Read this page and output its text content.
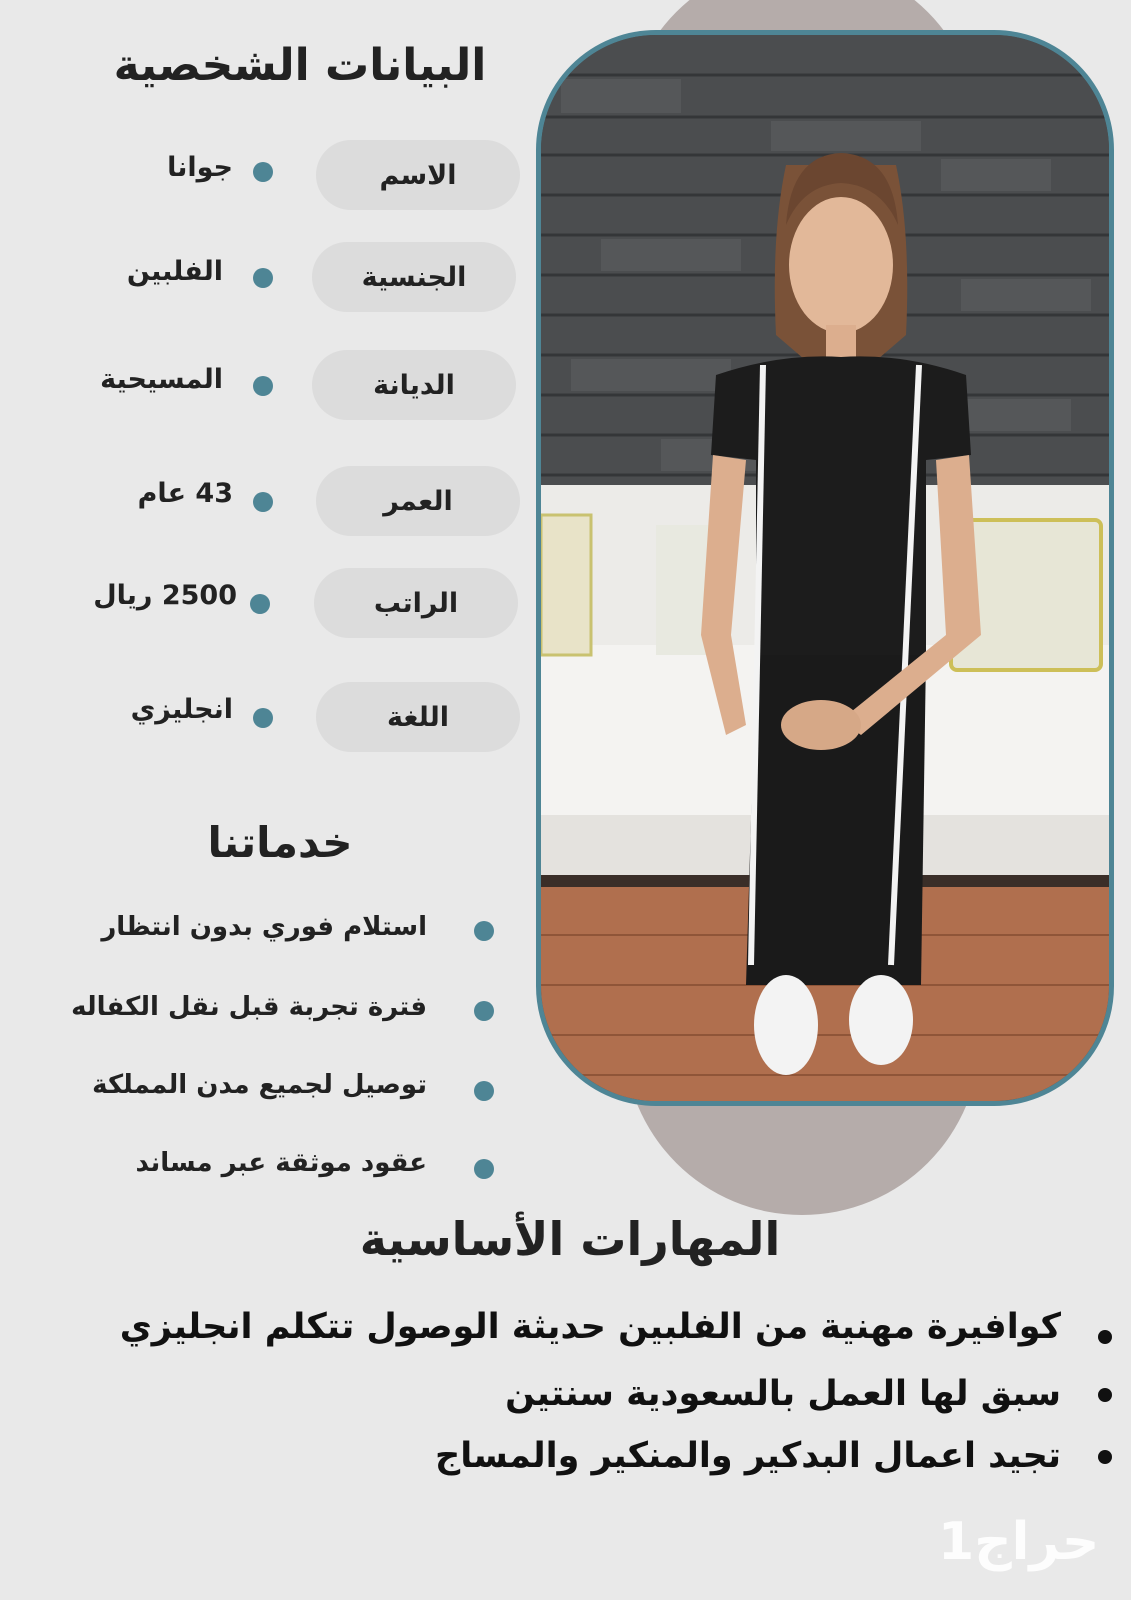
البيانات الشخصية
الاسم
جوانا
الجنسية
الفلبين
الديانة
المسيحية
العمر
43 عام
الراتب
2500 ريال
اللغة
انجليزي
خدماتنا
استلام فوري بدون انتظار
فترة تجربة قبل نقل الكفاله
توصيل لجميع مدن المملكة
عقود موثقة عبر مساند
المهارات الأساسية
كوافيرة مهنية من الفلبين حديثة الوصول تتكلم انجليزي
سبق لها العمل بالسعودية سنتين
تجيد اعمال البدكير والمنكير والمساج
حراج1
